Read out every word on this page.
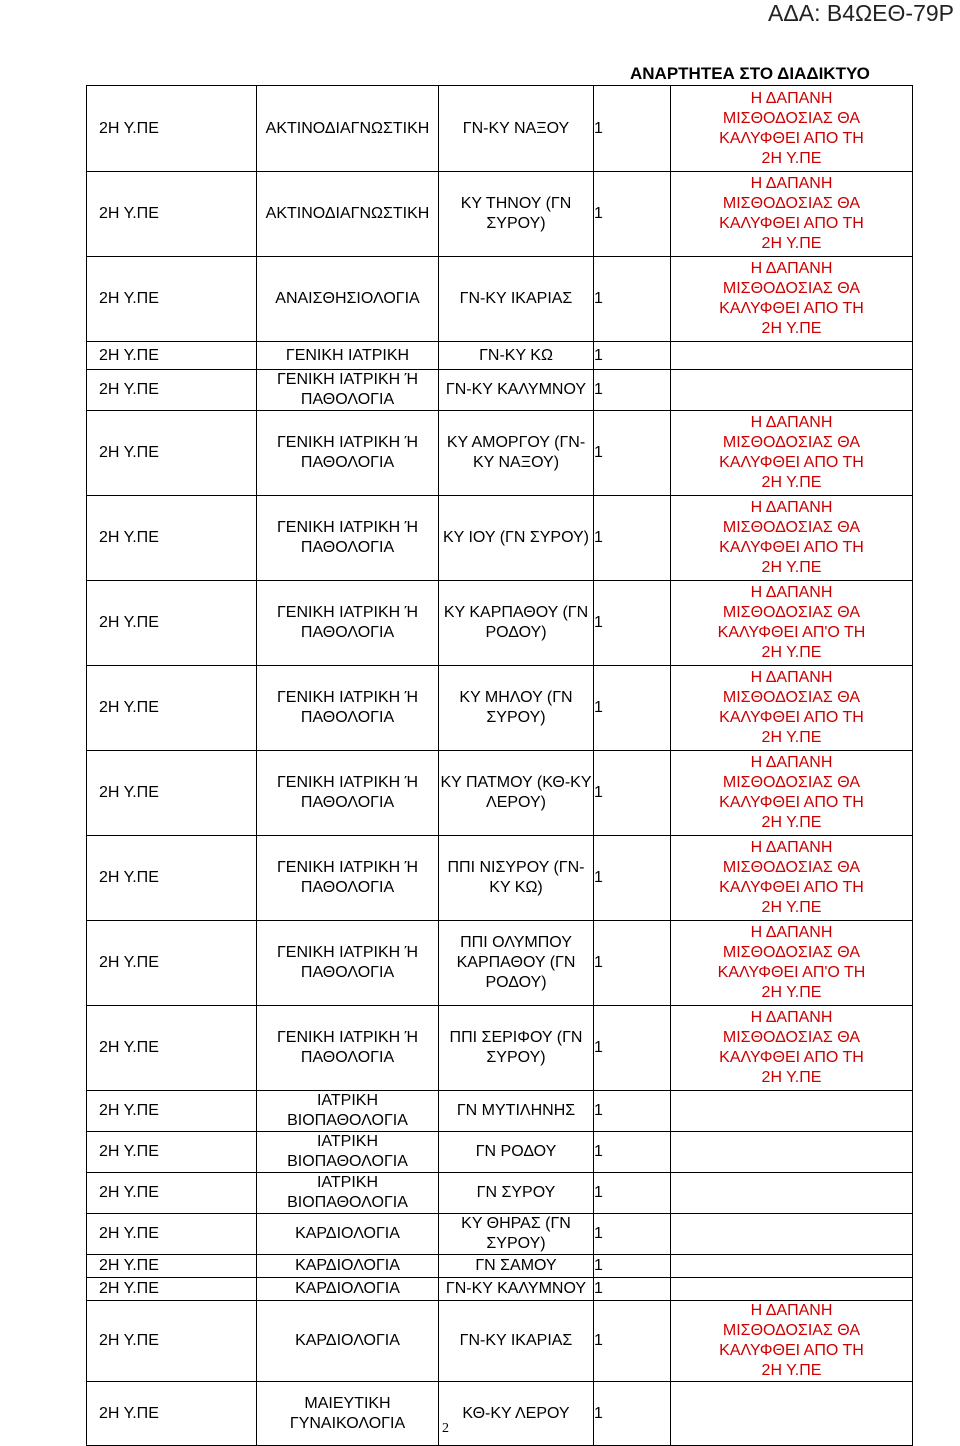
ΑΔΑ: Β4ΩΕΘ-79Ρ
ΑΝΑΡΤΗΤΕΑ ΣΤΟ ΔΙΑΔΙΚΤΥΟ
2Η Υ.ΠΕ	ΑΚΤΙΝΟΔΙΑΓΝΩΣΤΙΚΗ	ΓΝ-ΚΥ ΝΑΞΟΥ	1	Η ΔΑΠΑΝΗ
ΜΙΣΘΟΔΟΣΙΑΣ ΘΑ
ΚΑΛΥΦΘΕΙ ΑΠΟ ΤΗ
2Η Υ.ΠΕ

2Η Υ.ΠΕ	ΑΚΤΙΝΟΔΙΑΓΝΩΣΤΙΚΗ	ΚΥ ΤΗΝΟΥ (ΓΝ ΣΥΡΟΥ)	1	Η ΔΑΠΑΝΗ
ΜΙΣΘΟΔΟΣΙΑΣ ΘΑ
ΚΑΛΥΦΘΕΙ ΑΠΟ ΤΗ
2Η Υ.ΠΕ

2Η Υ.ΠΕ	ΑΝΑΙΣΘΗΣΙΟΛΟΓΙΑ	ΓΝ-ΚΥ ΙΚΑΡΙΑΣ	1	Η ΔΑΠΑΝΗ
ΜΙΣΘΟΔΟΣΙΑΣ ΘΑ
ΚΑΛΥΦΘΕΙ ΑΠΟ ΤΗ
2Η Υ.ΠΕ

2Η Υ.ΠΕ	ΓΕΝΙΚΗ ΙΑΤΡΙΚΗ	ΓΝ-ΚΥ ΚΩ	1	
2Η Υ.ΠΕ	ΓΕΝΙΚΗ ΙΑΤΡΙΚΗ Ή ΠΑΘΟΛΟΓΙΑ	ΓΝ-ΚΥ ΚΑΛΥΜΝΟΥ	1	
2Η Υ.ΠΕ	ΓΕΝΙΚΗ ΙΑΤΡΙΚΗ Ή ΠΑΘΟΛΟΓΙΑ	ΚΥ ΑΜΟΡΓΟΥ (ΓΝ-ΚΥ ΝΑΞΟΥ)	1	Η ΔΑΠΑΝΗ
ΜΙΣΘΟΔΟΣΙΑΣ ΘΑ
ΚΑΛΥΦΘΕΙ ΑΠΟ ΤΗ
2Η Υ.ΠΕ

2Η Υ.ΠΕ	ΓΕΝΙΚΗ ΙΑΤΡΙΚΗ Ή ΠΑΘΟΛΟΓΙΑ	ΚΥ ΙΟΥ (ΓΝ ΣΥΡΟΥ)	1	Η ΔΑΠΑΝΗ
ΜΙΣΘΟΔΟΣΙΑΣ ΘΑ
ΚΑΛΥΦΘΕΙ ΑΠΟ ΤΗ
2Η Υ.ΠΕ

2Η Υ.ΠΕ	ΓΕΝΙΚΗ ΙΑΤΡΙΚΗ Ή ΠΑΘΟΛΟΓΙΑ	ΚΥ ΚΑΡΠΑΘΟΥ (ΓΝ ΡΟΔΟΥ)	1	Η ΔΑΠΑΝΗ
ΜΙΣΘΟΔΟΣΙΑΣ ΘΑ
ΚΑΛΥΦΘΕΙ ΑΠ'Ο ΤΗ
2Η Υ.ΠΕ

2Η Υ.ΠΕ	ΓΕΝΙΚΗ ΙΑΤΡΙΚΗ Ή ΠΑΘΟΛΟΓΙΑ	ΚΥ ΜΗΛΟΥ (ΓΝ ΣΥΡΟΥ)	1	Η ΔΑΠΑΝΗ
ΜΙΣΘΟΔΟΣΙΑΣ ΘΑ
ΚΑΛΥΦΘΕΙ ΑΠΟ ΤΗ
2Η Υ.ΠΕ

2Η Υ.ΠΕ	ΓΕΝΙΚΗ ΙΑΤΡΙΚΗ Ή ΠΑΘΟΛΟΓΙΑ	ΚΥ ΠΑΤΜΟΥ (ΚΘ-ΚΥ ΛΕΡΟΥ)	1	Η ΔΑΠΑΝΗ
ΜΙΣΘΟΔΟΣΙΑΣ ΘΑ
ΚΑΛΥΦΘΕΙ ΑΠΟ ΤΗ
2Η Υ.ΠΕ

2Η Υ.ΠΕ	ΓΕΝΙΚΗ ΙΑΤΡΙΚΗ Ή ΠΑΘΟΛΟΓΙΑ	ΠΠΙ ΝΙΣΥΡΟΥ (ΓΝ-ΚΥ ΚΩ)	1	Η ΔΑΠΑΝΗ
ΜΙΣΘΟΔΟΣΙΑΣ ΘΑ
ΚΑΛΥΦΘΕΙ ΑΠΟ ΤΗ
2Η Υ.ΠΕ

2Η Υ.ΠΕ	ΓΕΝΙΚΗ ΙΑΤΡΙΚΗ Ή ΠΑΘΟΛΟΓΙΑ	ΠΠΙ ΟΛΥΜΠΟΥ ΚΑΡΠΑΘΟΥ (ΓΝ ΡΟΔΟΥ)	1	Η ΔΑΠΑΝΗ
ΜΙΣΘΟΔΟΣΙΑΣ ΘΑ
ΚΑΛΥΦΘΕΙ ΑΠ'Ο ΤΗ
2Η Υ.ΠΕ

2Η Υ.ΠΕ	ΓΕΝΙΚΗ ΙΑΤΡΙΚΗ Ή ΠΑΘΟΛΟΓΙΑ	ΠΠΙ ΣΕΡΙΦΟΥ (ΓΝ ΣΥΡΟΥ)	1	Η ΔΑΠΑΝΗ
ΜΙΣΘΟΔΟΣΙΑΣ ΘΑ
ΚΑΛΥΦΘΕΙ ΑΠΟ ΤΗ
2Η Υ.ΠΕ

2Η Υ.ΠΕ	ΙΑΤΡΙΚΗ ΒΙΟΠΑΘΟΛΟΓΙΑ	ΓΝ ΜΥΤΙΛΗΝΗΣ	1	
2Η Υ.ΠΕ	ΙΑΤΡΙΚΗ ΒΙΟΠΑΘΟΛΟΓΙΑ	ΓΝ ΡΟΔΟΥ	1	
2Η Υ.ΠΕ	ΙΑΤΡΙΚΗ ΒΙΟΠΑΘΟΛΟΓΙΑ	ΓΝ ΣΥΡΟΥ	1	
2Η Υ.ΠΕ	ΚΑΡΔΙΟΛΟΓΙΑ	ΚΥ ΘΗΡΑΣ (ΓΝ ΣΥΡΟΥ)	1	
2Η Υ.ΠΕ	ΚΑΡΔΙΟΛΟΓΙΑ	ΓΝ ΣΑΜΟΥ	1	
2Η Υ.ΠΕ	ΚΑΡΔΙΟΛΟΓΙΑ	ΓΝ-ΚΥ ΚΑΛΥΜΝΟΥ	1	
2Η Υ.ΠΕ	ΚΑΡΔΙΟΛΟΓΙΑ	ΓΝ-ΚΥ ΙΚΑΡΙΑΣ	1	Η ΔΑΠΑΝΗ
ΜΙΣΘΟΔΟΣΙΑΣ ΘΑ
ΚΑΛΥΦΘΕΙ ΑΠΟ ΤΗ
2Η Υ.ΠΕ

2Η Υ.ΠΕ	ΜΑΙΕΥΤΙΚΗ ΓΥΝΑΙΚΟΛΟΓΙΑ	ΚΘ-ΚΥ ΛΕΡΟΥ	1	
2
